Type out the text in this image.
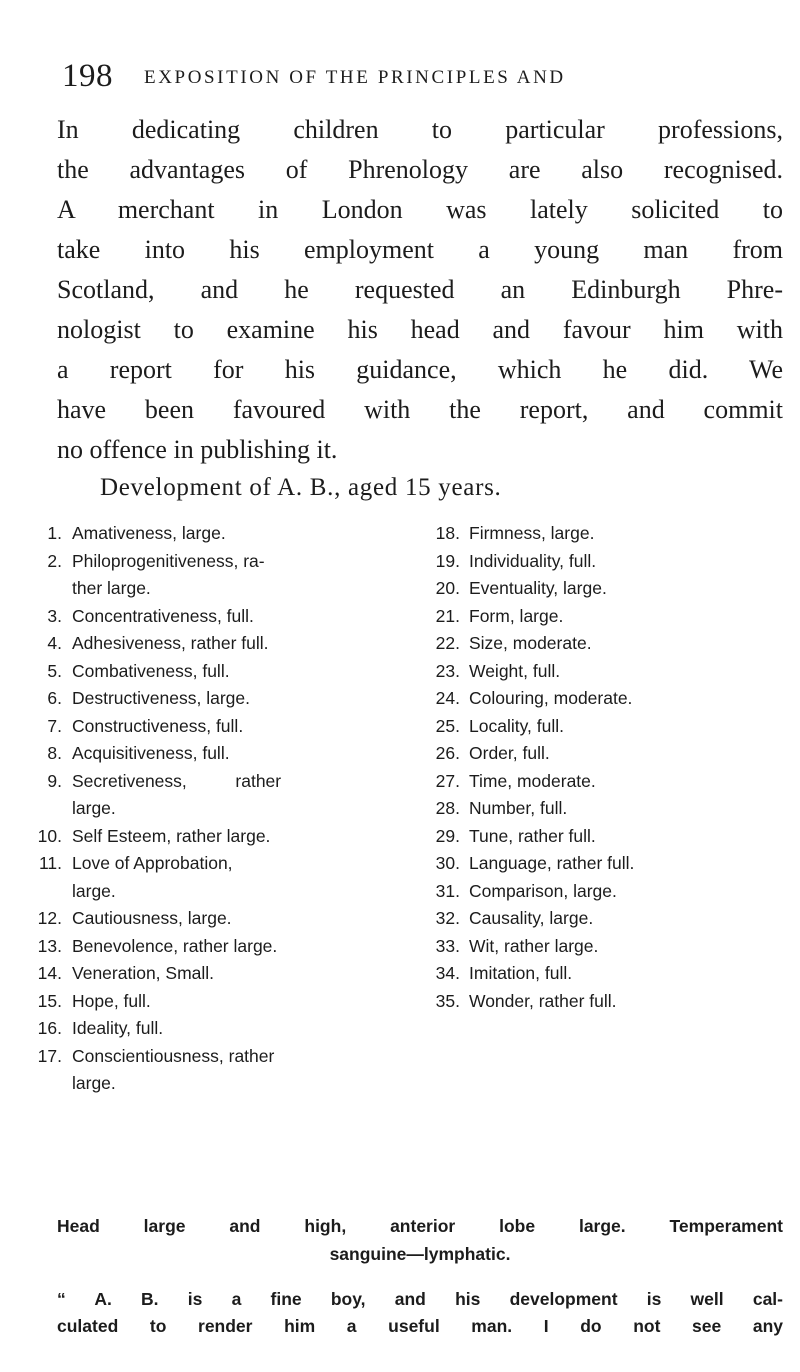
198 EXPOSITION OF THE PRINCIPLES AND
In dedicating children to particular professions,
the advantages of Phrenology are also recognised.
A merchant in London was lately solicited to
take into his employment a young man from
Scotland, and he requested an Edinburgh Phre-
nologist to examine his head and favour him with
a report for his guidance, which he did. We
have been favoured with the report, and commit
no offence in publishing it.
Development of A. B., aged 15 years.
1. Amativeness, large.
2. Philoprogenitiveness, ra-
ther large.
3. Concentrativeness, full.
4. Adhesiveness, rather full.
5. Combativeness, full.
6. Destructiveness, large.
7. Constructiveness, full.
8. Acquisitiveness, full.
9. Secretiveness,          rather
large.
10. Self Esteem, rather large.
11. Love of Approbation,
large.
12. Cautiousness, large.
13. Benevolence, rather large.
14. Veneration, Small.
15. Hope, full.
16. Ideality, full.
17. Conscientiousness, rather
large.
18. Firmness, large.
19. Individuality, full.
20. Eventuality, large.
21. Form, large.
22. Size, moderate.
23. Weight, full.
24. Colouring, moderate.
25. Locality, full.
26. Order, full.
27. Time, moderate.
28. Number, full.
29. Tune, rather full.
30. Language, rather full.
31. Comparison, large.
32. Causality, large.
33. Wit, rather large.
34. Imitation, full.
35. Wonder, rather full.
Head large and high, anterior lobe large. Temperament
sanguine—lymphatic.
“ A. B. is a fine boy, and his development is well cal-
culated to render him a useful man. I do not see any
